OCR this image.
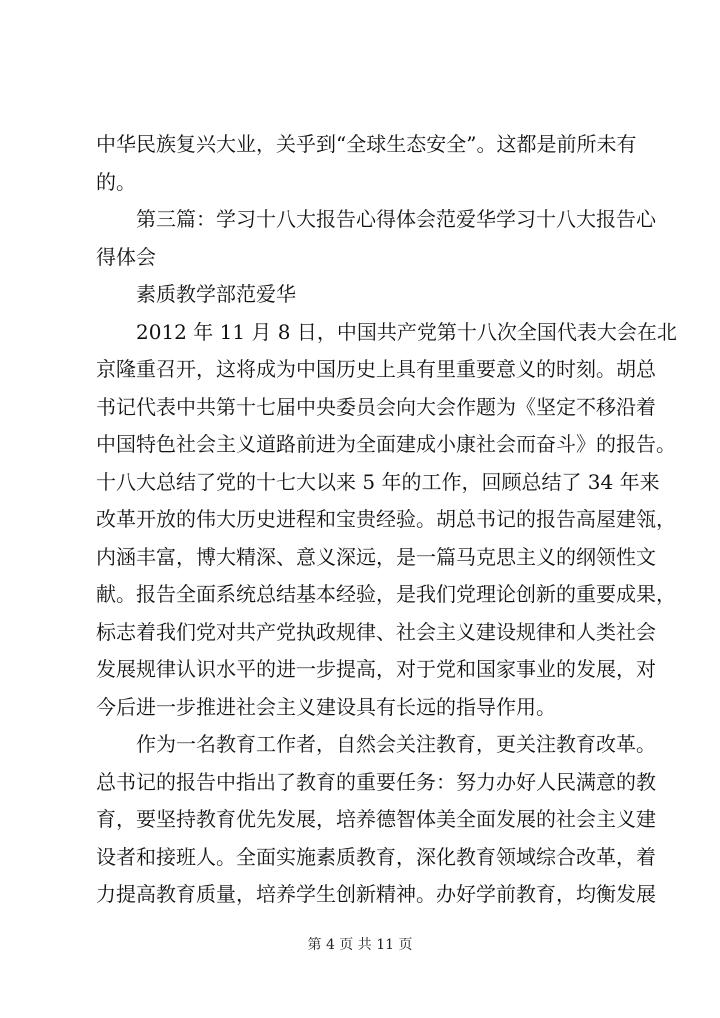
中华民族复兴大业，关乎到“全球生态安全”。这都是前所未有
的。
第三篇：学习十八大报告心得体会范爱华学习十八大报告心
得体会
素质教学部范爱华
2012 年 11 月 8 日，中国共产党第十八次全国代表大会在北
京隆重召开，这将成为中国历史上具有里重要意义的时刻。胡总
书记代表中共第十七届中央委员会向大会作题为《坚定不移沿着
中国特色社会主义道路前进为全面建成小康社会而奋斗》的报告。
十八大总结了党的十七大以来 5 年的工作，回顾总结了 34 年来
改革开放的伟大历史进程和宝贵经验。胡总书记的报告高屋建瓴，
内涵丰富，博大精深、意义深远，是一篇马克思主义的纲领性文
献。报告全面系统总结基本经验，是我们党理论创新的重要成果，
标志着我们党对共产党执政规律、社会主义建设规律和人类社会
发展规律认识水平的进一步提高，对于党和国家事业的发展，对
今后进一步推进社会主义建设具有长远的指导作用。
作为一名教育工作者，自然会关注教育，更关注教育改革。
总书记的报告中指出了教育的重要任务：努力办好人民满意的教
育，要坚持教育优先发展，培养德智体美全面发展的社会主义建
设者和接班人。全面实施素质教育，深化教育领域综合改革，着
力提高教育质量，培养学生创新精神。办好学前教育，均衡发展
第 4 页 共 11 页
